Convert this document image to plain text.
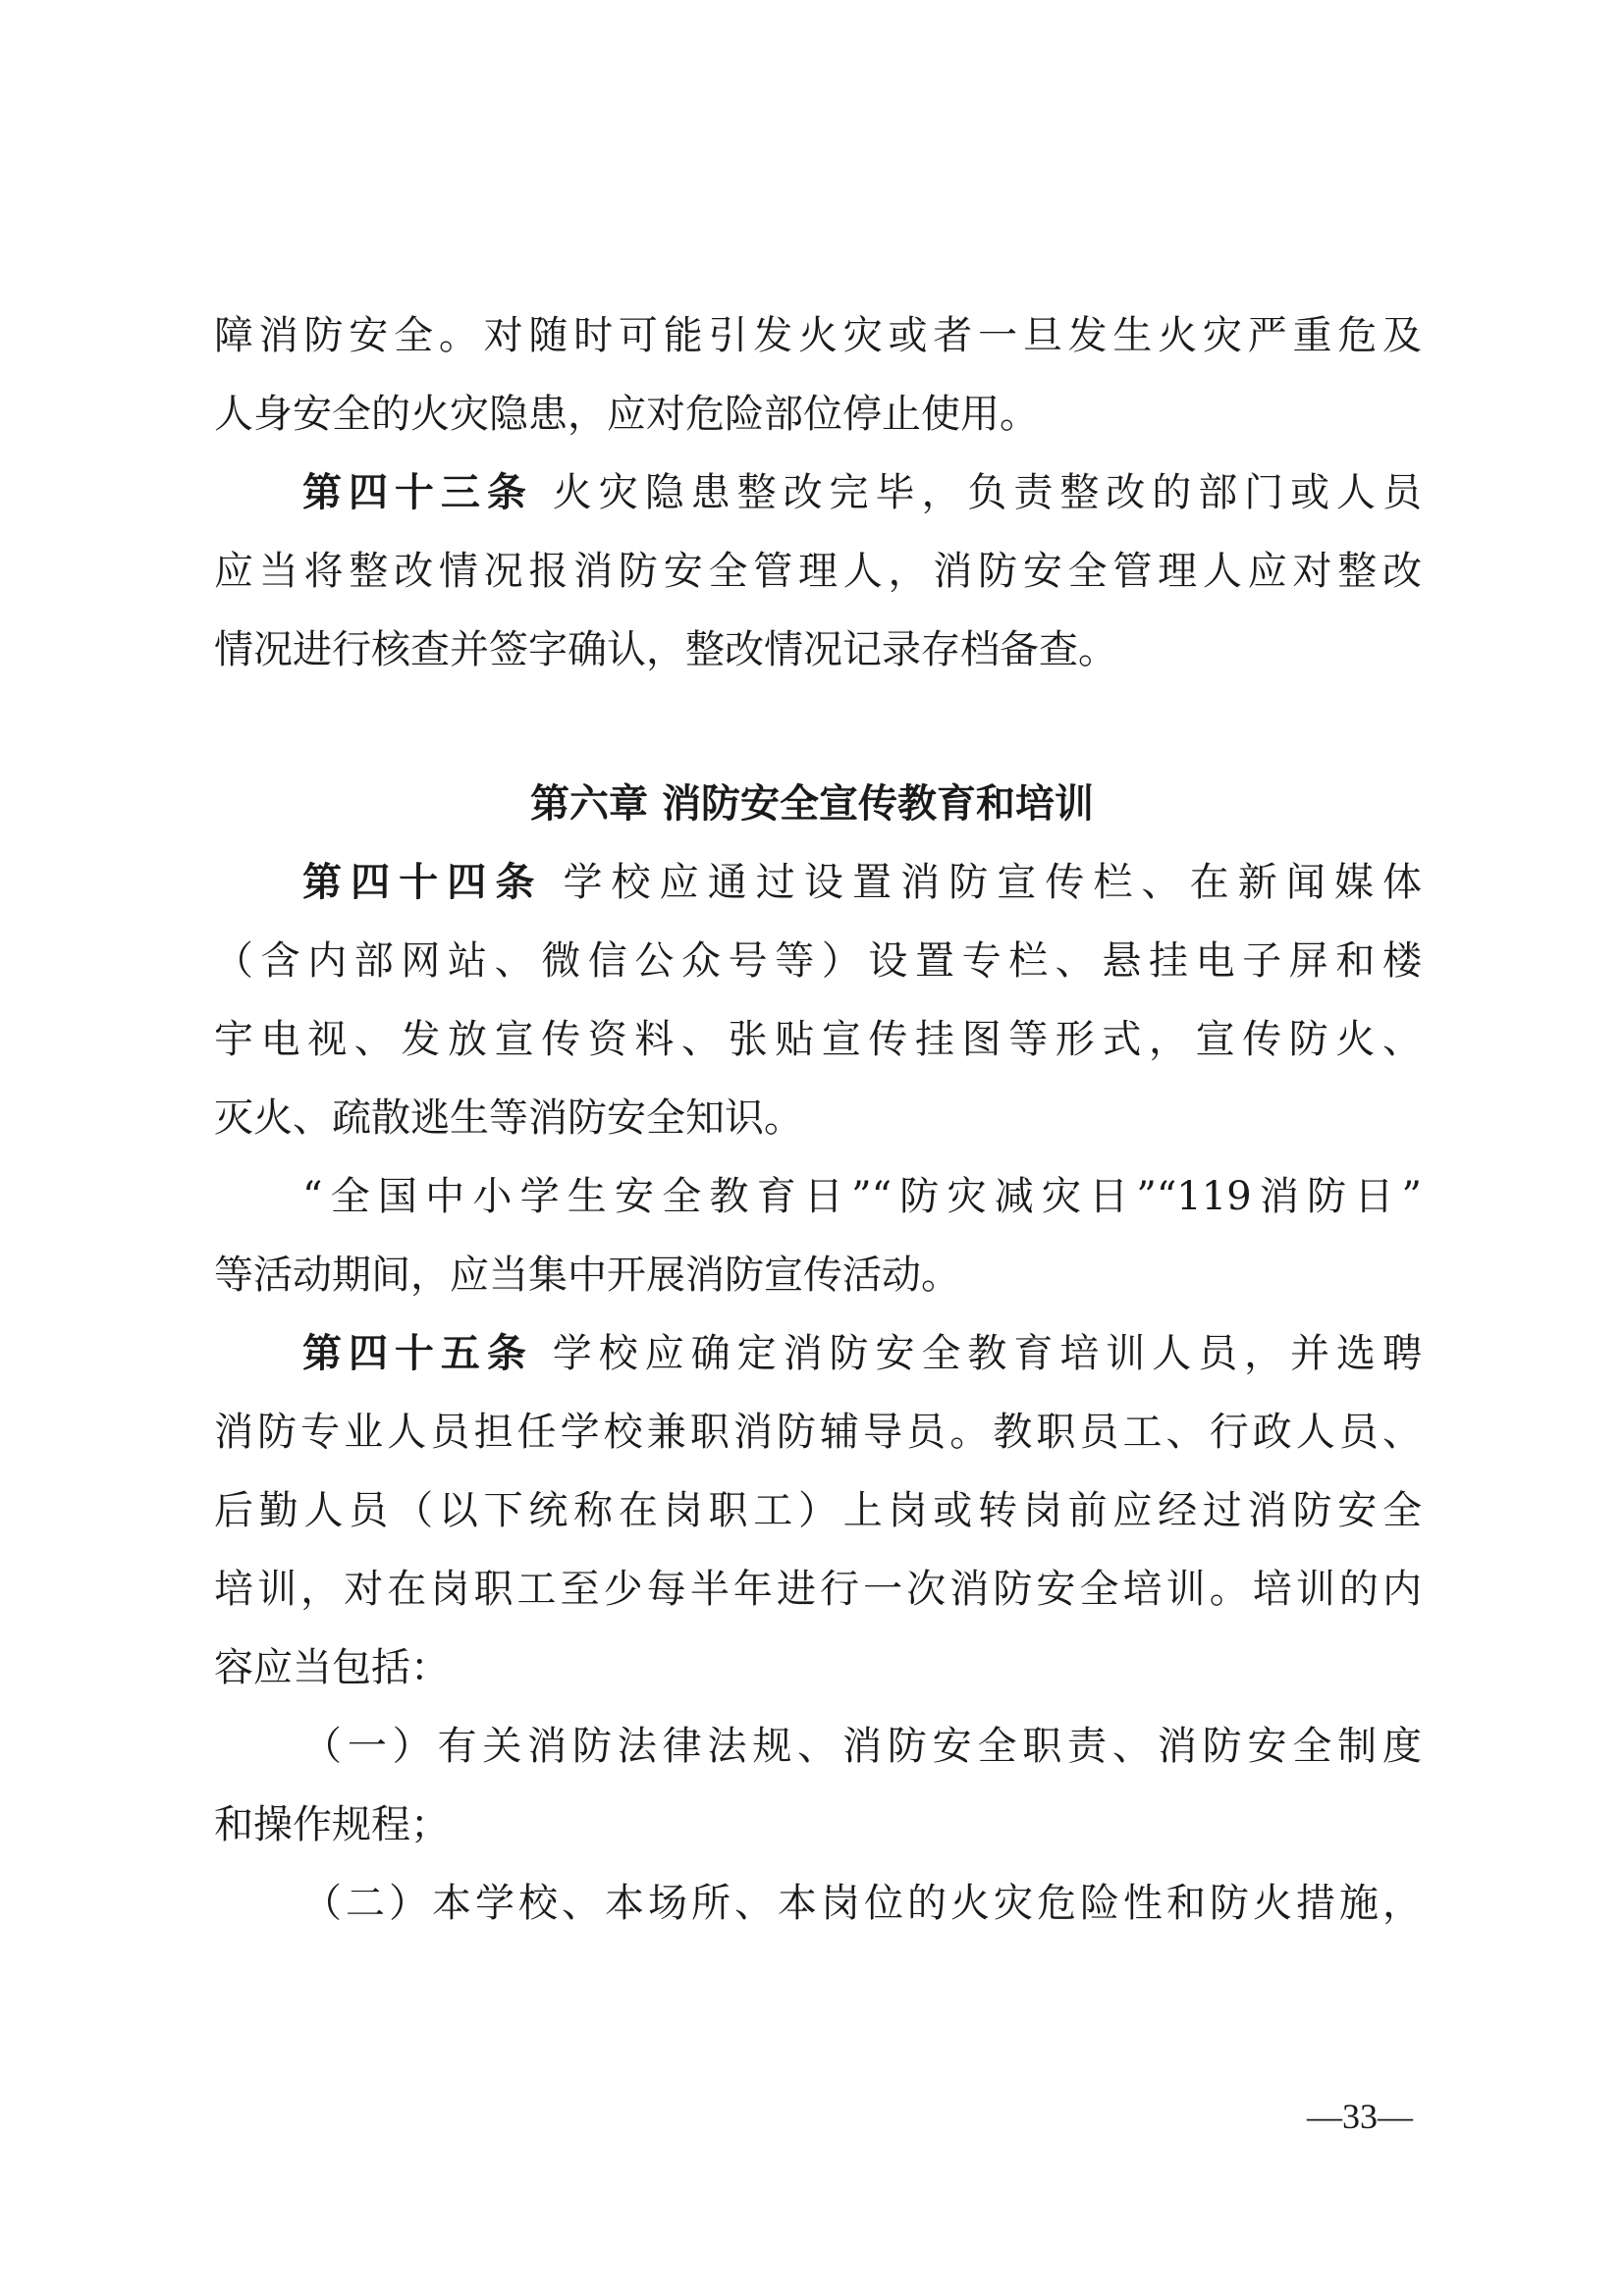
障消防安全。对随时可能引发火灾或者一旦发生火灾严重危及
人身安全的火灾隐患，应对危险部位停止使用。
第四十三条 火灾隐患整改完毕，负责整改的部门或人员
应当将整改情况报消防安全管理人，消防安全管理人应对整改
情况进行核查并签字确认，整改情况记录存档备查。
第六章 消防安全宣传教育和培训
第四十四条 学校应通过设置消防宣传栏、在新闻媒体
（含内部网站、微信公众号等）设置专栏、悬挂电子屏和楼
宇电视、发放宣传资料、张贴宣传挂图等形式，宣传防火、
灭火、疏散逃生等消防安全知识。
“全国中小学生安全教育日”“防灾减灾日”“119消防日”
等活动期间，应当集中开展消防宣传活动。
第四十五条 学校应确定消防安全教育培训人员，并选聘
消防专业人员担任学校兼职消防辅导员。教职员工、行政人员、
后勤人员（以下统称在岗职工）上岗或转岗前应经过消防安全
培训，对在岗职工至少每半年进行一次消防安全培训。培训的内
容应当包括：
（一）有关消防法律法规、消防安全职责、消防安全制度
和操作规程；
（二）本学校、本场所、本岗位的火灾危险性和防火措施，
—33—
